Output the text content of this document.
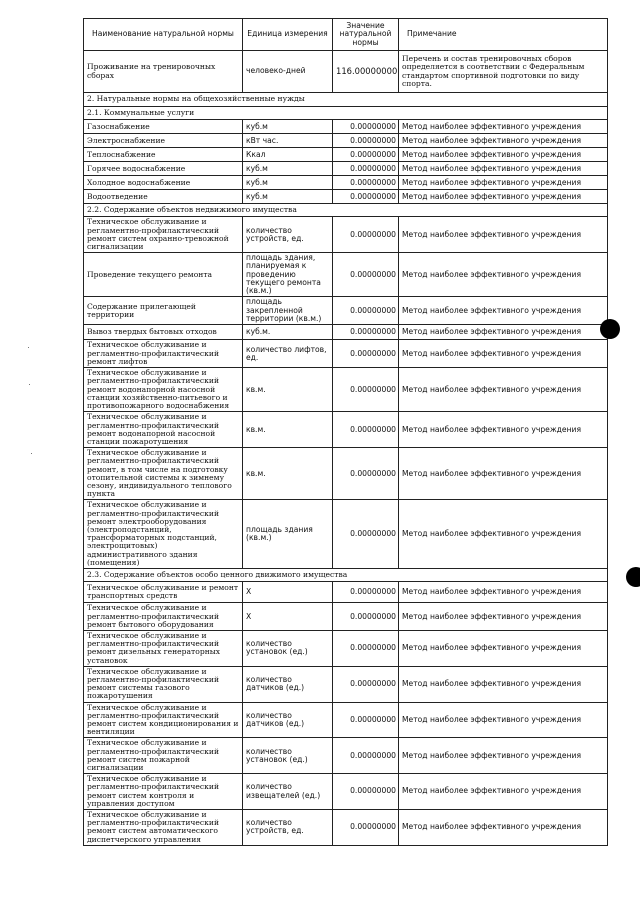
Наименование натуральной нормы	Единица измерения	Значение натуральной нормы	Примечание
Проживание на тренировочных сборах	человеко-дней	116.00000000	Перечень и состав тренировочных сборов определяется в соответствии с Федеральным стандартом спортивной подготовки по виду спорта.
2. Натуральные нормы на общехозяйственные нужды			
2.1. Коммунальные услуги			
Газоснабжение	куб.м	0.00000000	Метод наиболее эффективного учреждения
Электроснабжение	кВт час.	0.00000000	Метод наиболее эффективного учреждения
Теплоснабжение	Ккал	0.00000000	Метод наиболее эффективного учреждения
Горячее водоснабжение	куб.м	0.00000000	Метод наиболее эффективного учреждения
Холодное водоснабжение	куб.м	0.00000000	Метод наиболее эффективного учреждения
Водоотведение	куб.м	0.00000000	Метод наиболее эффективного учреждения
2.2. Содержание объектов недвижимого имущества			
Техническое обслуживание и регламентно-профилактический ремонт систем охранно-тревожной сигнализации	количество устройств, ед.	0.00000000	Метод наиболее эффективного учреждения
Проведение текущего ремонта	площадь здания, планируемая к проведению текущего ремонта (кв.м.)	0.00000000	Метод наиболее эффективного учреждения
Содержание прилегающей территории	площадь закрепленной территории (кв.м.)	0.00000000	Метод наиболее эффективного учреждения
Вывоз твердых бытовых отходов	куб.м.	0.00000000	Метод наиболее эффективного учреждения
Техническое обслуживание и регламентно-профилактический ремонт лифтов	количество лифтов, ед.	0.00000000	Метод наиболее эффективного учреждения
Техническое обслуживание и регламентно-профилактический ремонт водонапорной насосной станции хозяйственно-питьевого и противопожарного водоснабжения	кв.м.	0.00000000	Метод наиболее эффективного учреждения
Техническое обслуживание и регламентно-профилактический ремонт водонапорной насосной станции пожаротушения	кв.м.	0.00000000	Метод наиболее эффективного учреждения
Техническое обслуживание и регламентно-профилактический ремонт, в том числе на подготовку отопительной системы к зимнему сезону, индивидуального теплового пункта	кв.м.	0.00000000	Метод наиболее эффективного учреждения
Техническое обслуживание и регламентно-профилактический ремонт электрооборудования (электроподстанций, трансформаторных подстанций, электрощитовых) административного здания (помещения)	площадь здания (кв.м.)	0.00000000	Метод наиболее эффективного учреждения
2.3. Содержание объектов особо ценного движимого имущества			
Техническое обслуживание и ремонт транспортных средств	X	0.00000000	Метод наиболее эффективного учреждения
Техническое обслуживание и регламентно-профилактический ремонт бытового оборудования	X	0.00000000	Метод наиболее эффективного учреждения
Техническое обслуживание и регламентно-профилактический ремонт дизельных генераторных установок	количество установок (ед.)	0.00000000	Метод наиболее эффективного учреждения
Техническое обслуживание и регламентно-профилактический ремонт системы газового пожаротушения	количество датчиков (ед.)	0.00000000	Метод наиболее эффективного учреждения
Техническое обслуживание и регламентно-профилактический ремонт систем кондиционирования и вентиляции	количество датчиков (ед.)	0.00000000	Метод наиболее эффективного учреждения
Техническое обслуживание и регламентно-профилактический ремонт систем пожарной сигнализации	количество установок (ед.)	0.00000000	Метод наиболее эффективного учреждения
Техническое обслуживание и регламентно-профилактический ремонт систем контроля и управления доступом	количество извещателей (ед.)	0.00000000	Метод наиболее эффективного учреждения
Техническое обслуживание и регламентно-профилактический ремонт систем автоматического диспетчерского управления	количество устройств, ед.	0.00000000	Метод наиболее эффективного учреждения
